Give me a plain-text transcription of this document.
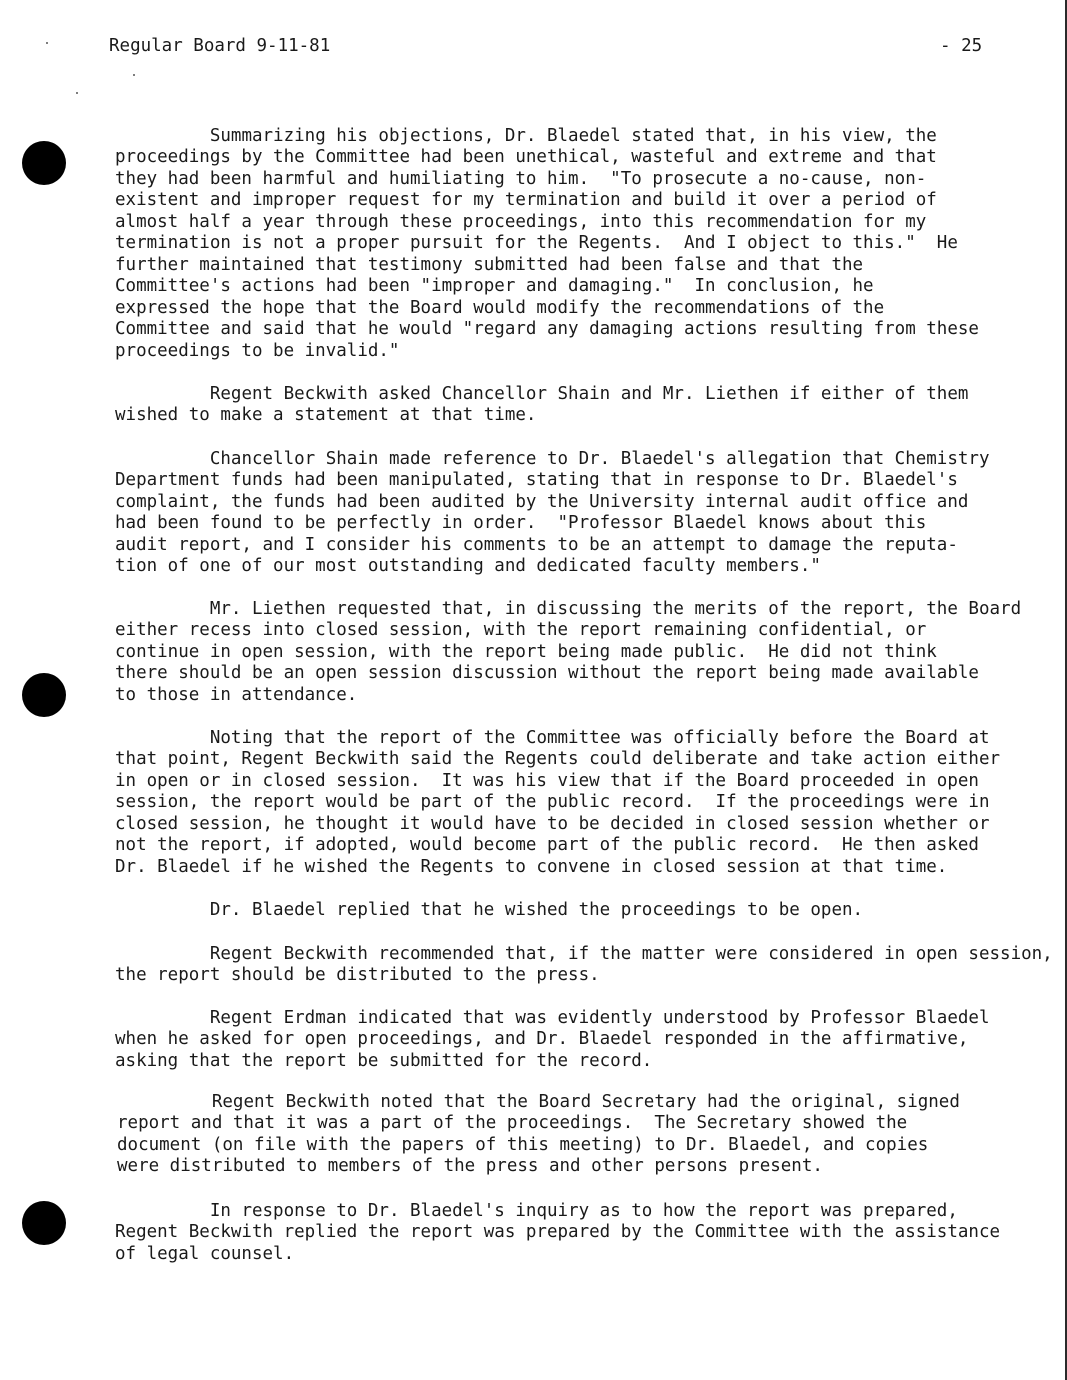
Regular Board 9-11-81	- 25

Summarizing his objections, Dr. Blaedel stated that, in his view, the
proceedings by the Committee had been unethical, wasteful and extreme and that
they had been harmful and humiliating to him.  "To prosecute a no-cause, non-
existent and improper request for my termination and build it over a period of
almost half a year through these proceedings, into this recommendation for my
termination is not a proper pursuit for the Regents.  And I object to this."  He
further maintained that testimony submitted had been false and that the
Committee's actions had been "improper and damaging."  In conclusion, he
expressed the hope that the Board would modify the recommendations of the
Committee and said that he would "regard any damaging actions resulting from these
proceedings to be invalid."

Regent Beckwith asked Chancellor Shain and Mr. Liethen if either of them
wished to make a statement at that time.

Chancellor Shain made reference to Dr. Blaedel's allegation that Chemistry
Department funds had been manipulated, stating that in response to Dr. Blaedel's
complaint, the funds had been audited by the University internal audit office and
had been found to be perfectly in order.  "Professor Blaedel knows about this
audit report, and I consider his comments to be an attempt to damage the reputa-
tion of one of our most outstanding and dedicated faculty members."

Mr. Liethen requested that, in discussing the merits of the report, the Board
either recess into closed session, with the report remaining confidential, or
continue in open session, with the report being made public.  He did not think
there should be an open session discussion without the report being made available
to those in attendance.

Noting that the report of the Committee was officially before the Board at
that point, Regent Beckwith said the Regents could deliberate and take action either
in open or in closed session.  It was his view that if the Board proceeded in open
session, the report would be part of the public record.  If the proceedings were in
closed session, he thought it would have to be decided in closed session whether or
not the report, if adopted, would become part of the public record.  He then asked
Dr. Blaedel if he wished the Regents to convene in closed session at that time.

Dr. Blaedel replied that he wished the proceedings to be open.

Regent Beckwith recommended that, if the matter were considered in open session,
the report should be distributed to the press.

Regent Erdman indicated that was evidently understood by Professor Blaedel
when he asked for open proceedings, and Dr. Blaedel responded in the affirmative,
asking that the report be submitted for the record.

Regent Beckwith noted that the Board Secretary had the original, signed
report and that it was a part of the proceedings.  The Secretary showed the
document (on file with the papers of this meeting) to Dr. Blaedel, and copies
were distributed to members of the press and other persons present.

In response to Dr. Blaedel's inquiry as to how the report was prepared,
Regent Beckwith replied the report was prepared by the Committee with the assistance
of legal counsel.
